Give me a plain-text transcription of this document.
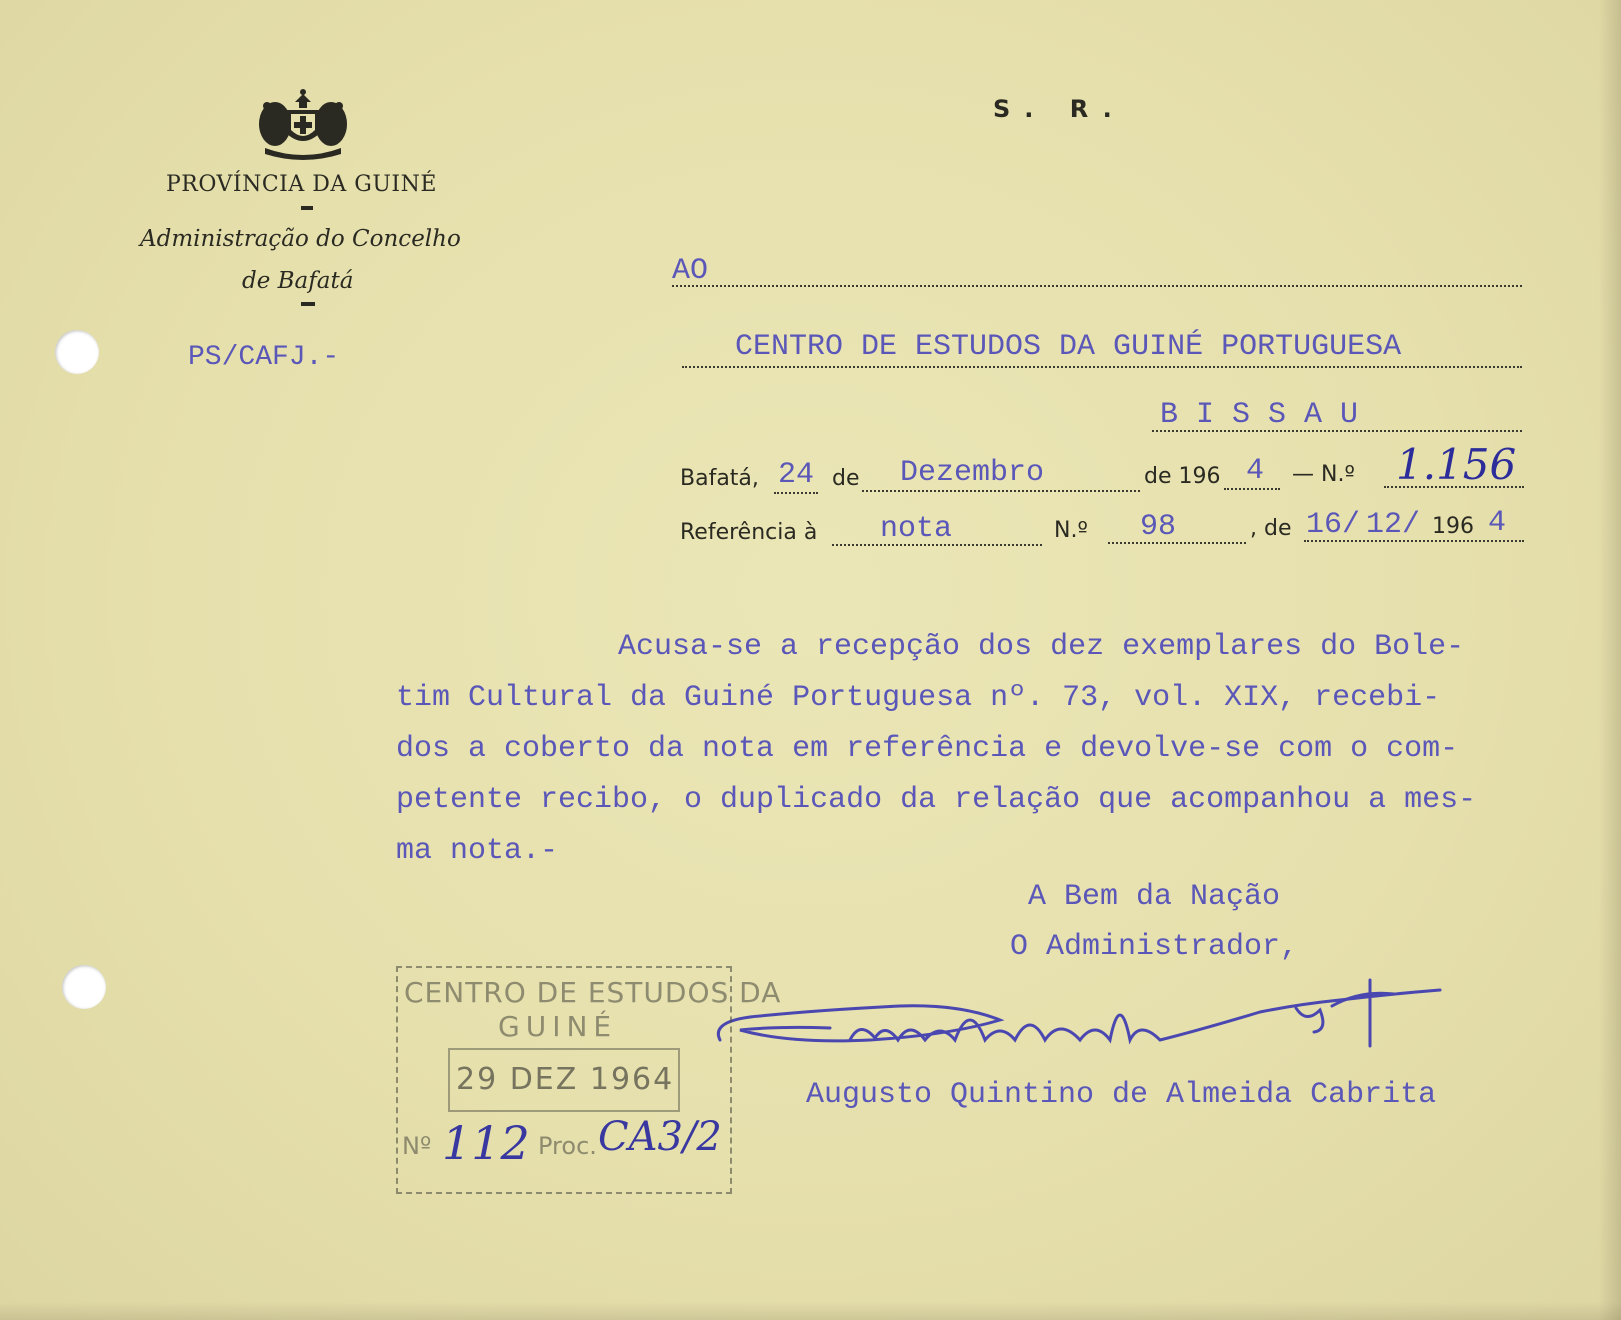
S. R.
PROVÍNCIA DA GUINÉ
Administração do Concelho
de Bafatá
PS/CAFJ.-
AO
CENTRO DE ESTUDOS DA GUINÉ PORTUGUESA
B I S S A U
Bafatá, 24 de Dezembro	de 196 4 — N.º 1.156
Referência à nota	N.º 98	, de 16/ 12/ 196 4
Acusa-se a recepção dos dez exemplares do Bole-
tim Cultural da Guiné Portuguesa nº. 73, vol. XIX, recebi-
dos a coberto da nota em referência e devolve-se com o com-
petente recibo, o duplicado da relação que acompanhou a mes-
ma nota.-
A Bem da Nação
O Administrador,
Augusto Quintino de Almeida Cabrita
CENTRO DE ESTUDOS DA
GUINÉ
29 DEZ 1964
Nº 112 Proc. CA3/2
